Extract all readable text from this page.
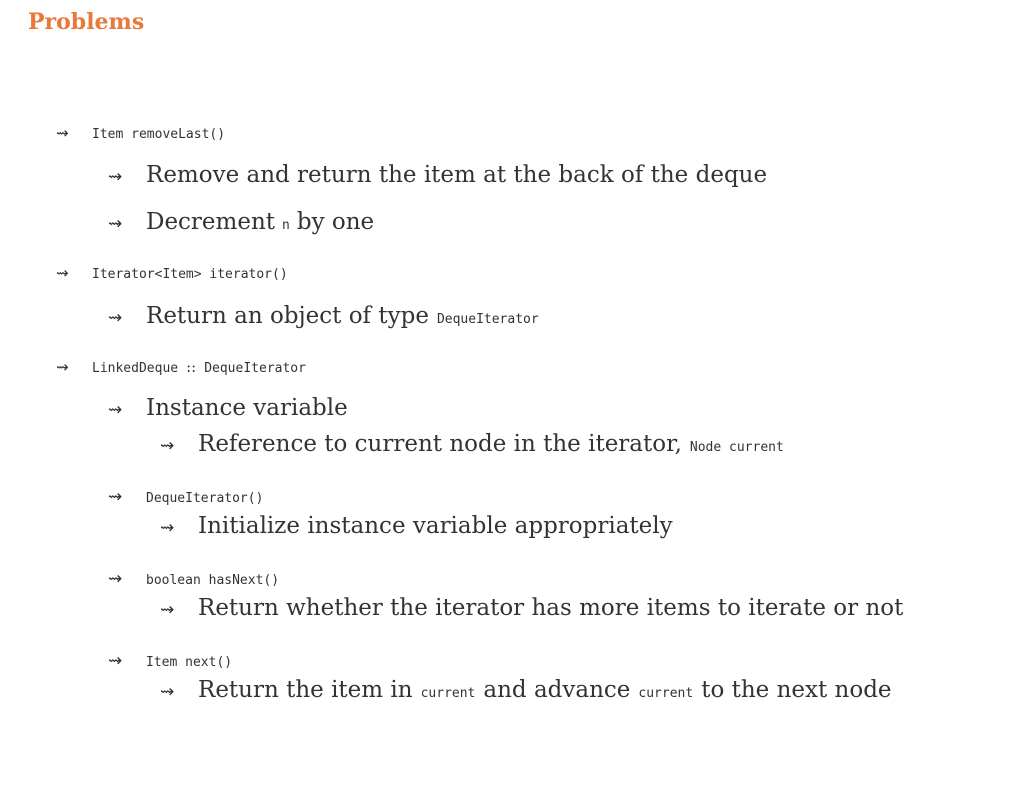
Problems
⇝	Item removeLast()
⇝	Remove and return the item at the back of the deque
⇝	Decrement n by one
⇝	Iterator<Item> iterator()
⇝	Return an object of type DequeIterator
⇝	LinkedDeque :: DequeIterator
⇝	Instance variable
⇝	Reference to current node in the iterator, Node current
⇝	DequeIterator()
⇝	Initialize instance variable appropriately
⇝	boolean hasNext()
⇝	Return whether the iterator has more items to iterate or not
⇝	Item next()
⇝	Return the item in current and advance current to the next node
